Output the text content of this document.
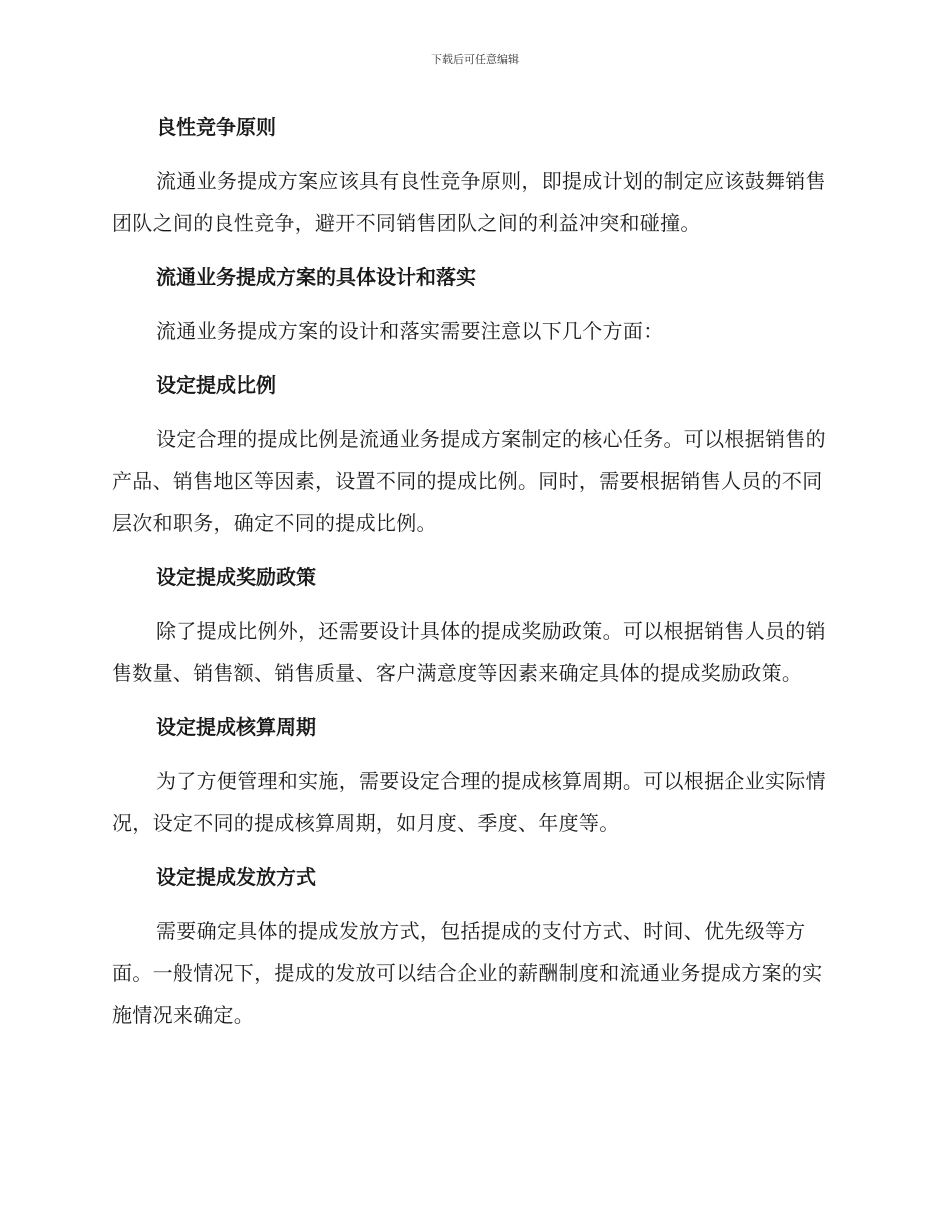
下载后可任意编辑
良性竞争原则

流通业务提成方案应该具有良性竞争原则，即提成计划的制定应该鼓舞销售团队之间的良性竞争，避开不同销售团队之间的利益冲突和碰撞。

流通业务提成方案的具体设计和落实

流通业务提成方案的设计和落实需要注意以下几个方面：

设定提成比例

设定合理的提成比例是流通业务提成方案制定的核心任务。可以根据销售的产品、销售地区等因素，设置不同的提成比例。同时，需要根据销售人员的不同层次和职务，确定不同的提成比例。

设定提成奖励政策

除了提成比例外，还需要设计具体的提成奖励政策。可以根据销售人员的销售数量、销售额、销售质量、客户满意度等因素来确定具体的提成奖励政策。

设定提成核算周期

为了方便管理和实施，需要设定合理的提成核算周期。可以根据企业实际情况，设定不同的提成核算周期，如月度、季度、年度等。

设定提成发放方式

需要确定具体的提成发放方式，包括提成的支付方式、时间、优先级等方面。一般情况下，提成的发放可以结合企业的薪酬制度和流通业务提成方案的实施情况来确定。
